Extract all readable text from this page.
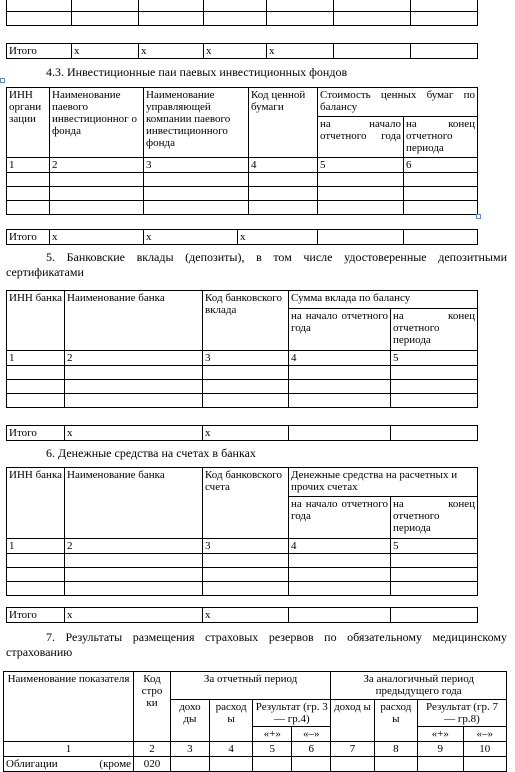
Итого	x	x	x	x		
4.3. Инвестиционные паи паевых инвестиционных фондов
ИНН органи зации	Наименование паевого инвестиционног о фонда	Наименование управляющей компании паевого инвестиционного фонда	Код ценной бумаги	Стоимость ценных бумаг по балансу	
				на начало отчетного года	на конец отчетного периода
1	2	3	4	5	6

Итого	x	x	x		
5. Банковские вклады (депозиты), в том числе удостоверенные депозитными сертификатами
ИНН банка	Наименование банка	Код банковского вклада	Сумма вклада по балансу	
			на начало отчетного года	на конец отчетного периода
1	2	3	4	5

Итого	x	x		
6. Денежные средства на счетах в банках
ИНН банка	Наименование банка	Код банковского счета	Денежные средства на расчетных и прочих счетах	
			на начало отчетного года	на конец отчетного периода
1	2	3	4	5

Итого	x	x		
7. Результаты размещения страховых резервов по обязательному медицинскому страхованию
Наименование показателя	Код стро ки	За отчетный период				За аналогичный период предыдущего года			
		дохо ды	расход ы	Результат (гр. 3 — гр.4)		доход ы	расход ы	Результат (гр. 7 — гр.8)	
				«+»	«–»			«+»	«–»
1	2	3	4	5	6	7	8	9	10
Облигации (кроме	020								
